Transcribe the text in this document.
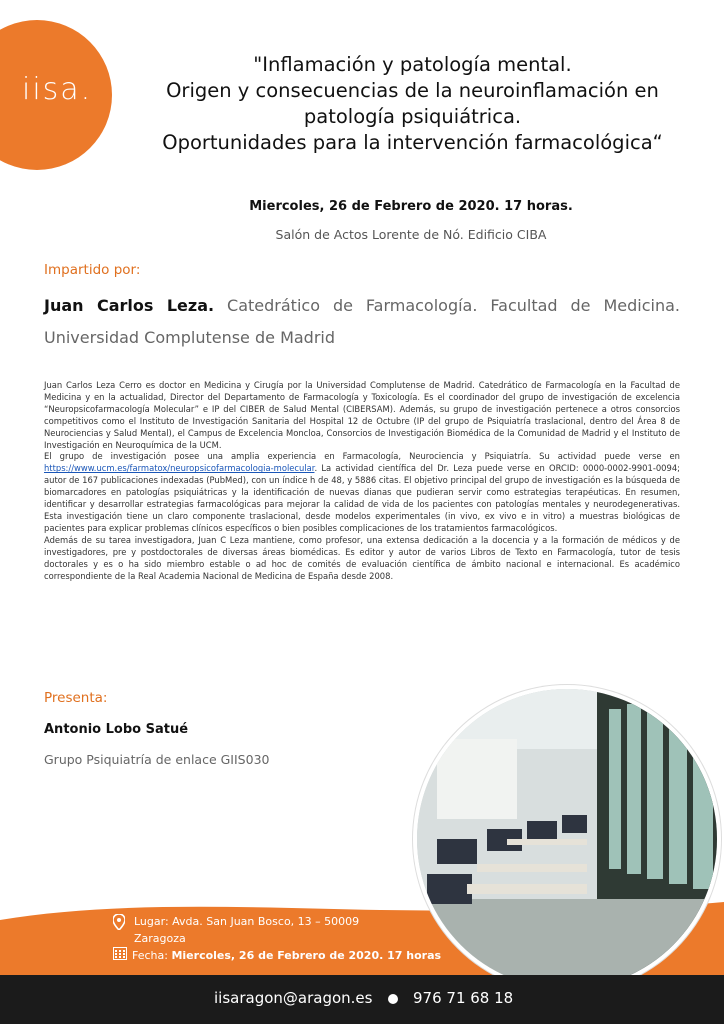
iisa.
"Inflamación y patología mental.
Origen y consecuencias de la neuroinflamación en
patología psiquiátrica.
Oportunidades para la intervención farmacológica“
Miercoles, 26 de Febrero de 2020. 17 horas.
Salón de Actos Lorente de Nó. Edificio CIBA
Impartido por:
Juan Carlos Leza. Catedrático de Farmacología. Facultad de Medicina. Universidad Complutense de Madrid

Juan Carlos Leza Cerro es doctor en Medicina y Cirugía por la Universidad Complutense de Madrid. Catedrático de Farmacología en la Facultad de Medicina y en la actualidad, Director del Departamento de Farmacología y Toxicología. Es el coordinador del grupo de investigación de excelencia “Neuropsicofarmacología Molecular” e IP del CIBER de Salud Mental (CIBERSAM). Además, su grupo de investigación pertenece a otros consorcios competitivos como el Instituto de Investigación Sanitaria del Hospital 12 de Octubre (IP del grupo de Psiquiatría traslacional, dentro del Área 8 de Neurociencias y Salud Mental), el Campus de Excelencia Moncloa, Consorcios de Investigación Biomédica de la Comunidad de Madrid y el Instituto de Investigación en Neuroquímica de la UCM.

El grupo de investigación posee una amplia experiencia en Farmacología, Neurociencia y Psiquiatría. Su actividad puede verse en https://www.ucm.es/farmatox/neuropsicofarmacologia-molecular. La actividad científica del Dr. Leza puede verse en ORCID: 0000-0002-9901-0094; autor de 167 publicaciones indexadas (PubMed), con un índice h de 48, y 5886 citas. El objetivo principal del grupo de investigación es la búsqueda de biomarcadores en patologías psiquiátricas y la identificación de nuevas dianas que pudieran servir como estrategias terapéuticas. En resumen, identificar y desarrollar estrategias farmacológicas para mejorar la calidad de vida de los pacientes con patologías mentales y neurodegenerativas. Esta investigación tiene un claro componente traslacional, desde modelos experimentales (in vivo, ex vivo e in vitro) a muestras biológicas de pacientes para explicar problemas clínicos específicos o bien posibles complicaciones de los tratamientos farmacológicos.

Además de su tarea investigadora, Juan C Leza mantiene, como profesor, una extensa dedicación a la docencia y a la formación de médicos y de investigadores, pre y postdoctorales de diversas áreas biomédicas. Es editor y autor de varios Libros de Texto en Farmacología, tutor de tesis doctorales y es o ha sido miembro estable o ad hoc de comités de evaluación científica de ámbito nacional e internacional. Es académico correspondiente de la Real Academia Nacional de Medicina de España desde 2008.

Presenta:
Antonio Lobo Satué
Grupo Psiquiatría de enlace GIIS030
Lugar: Avda. San Juan Bosco, 13 – 50009
Zaragoza
Fecha: Miercoles, 26 de Febrero de 2020. 17 horas
iisaragon@aragon.es	976 71 68 18
